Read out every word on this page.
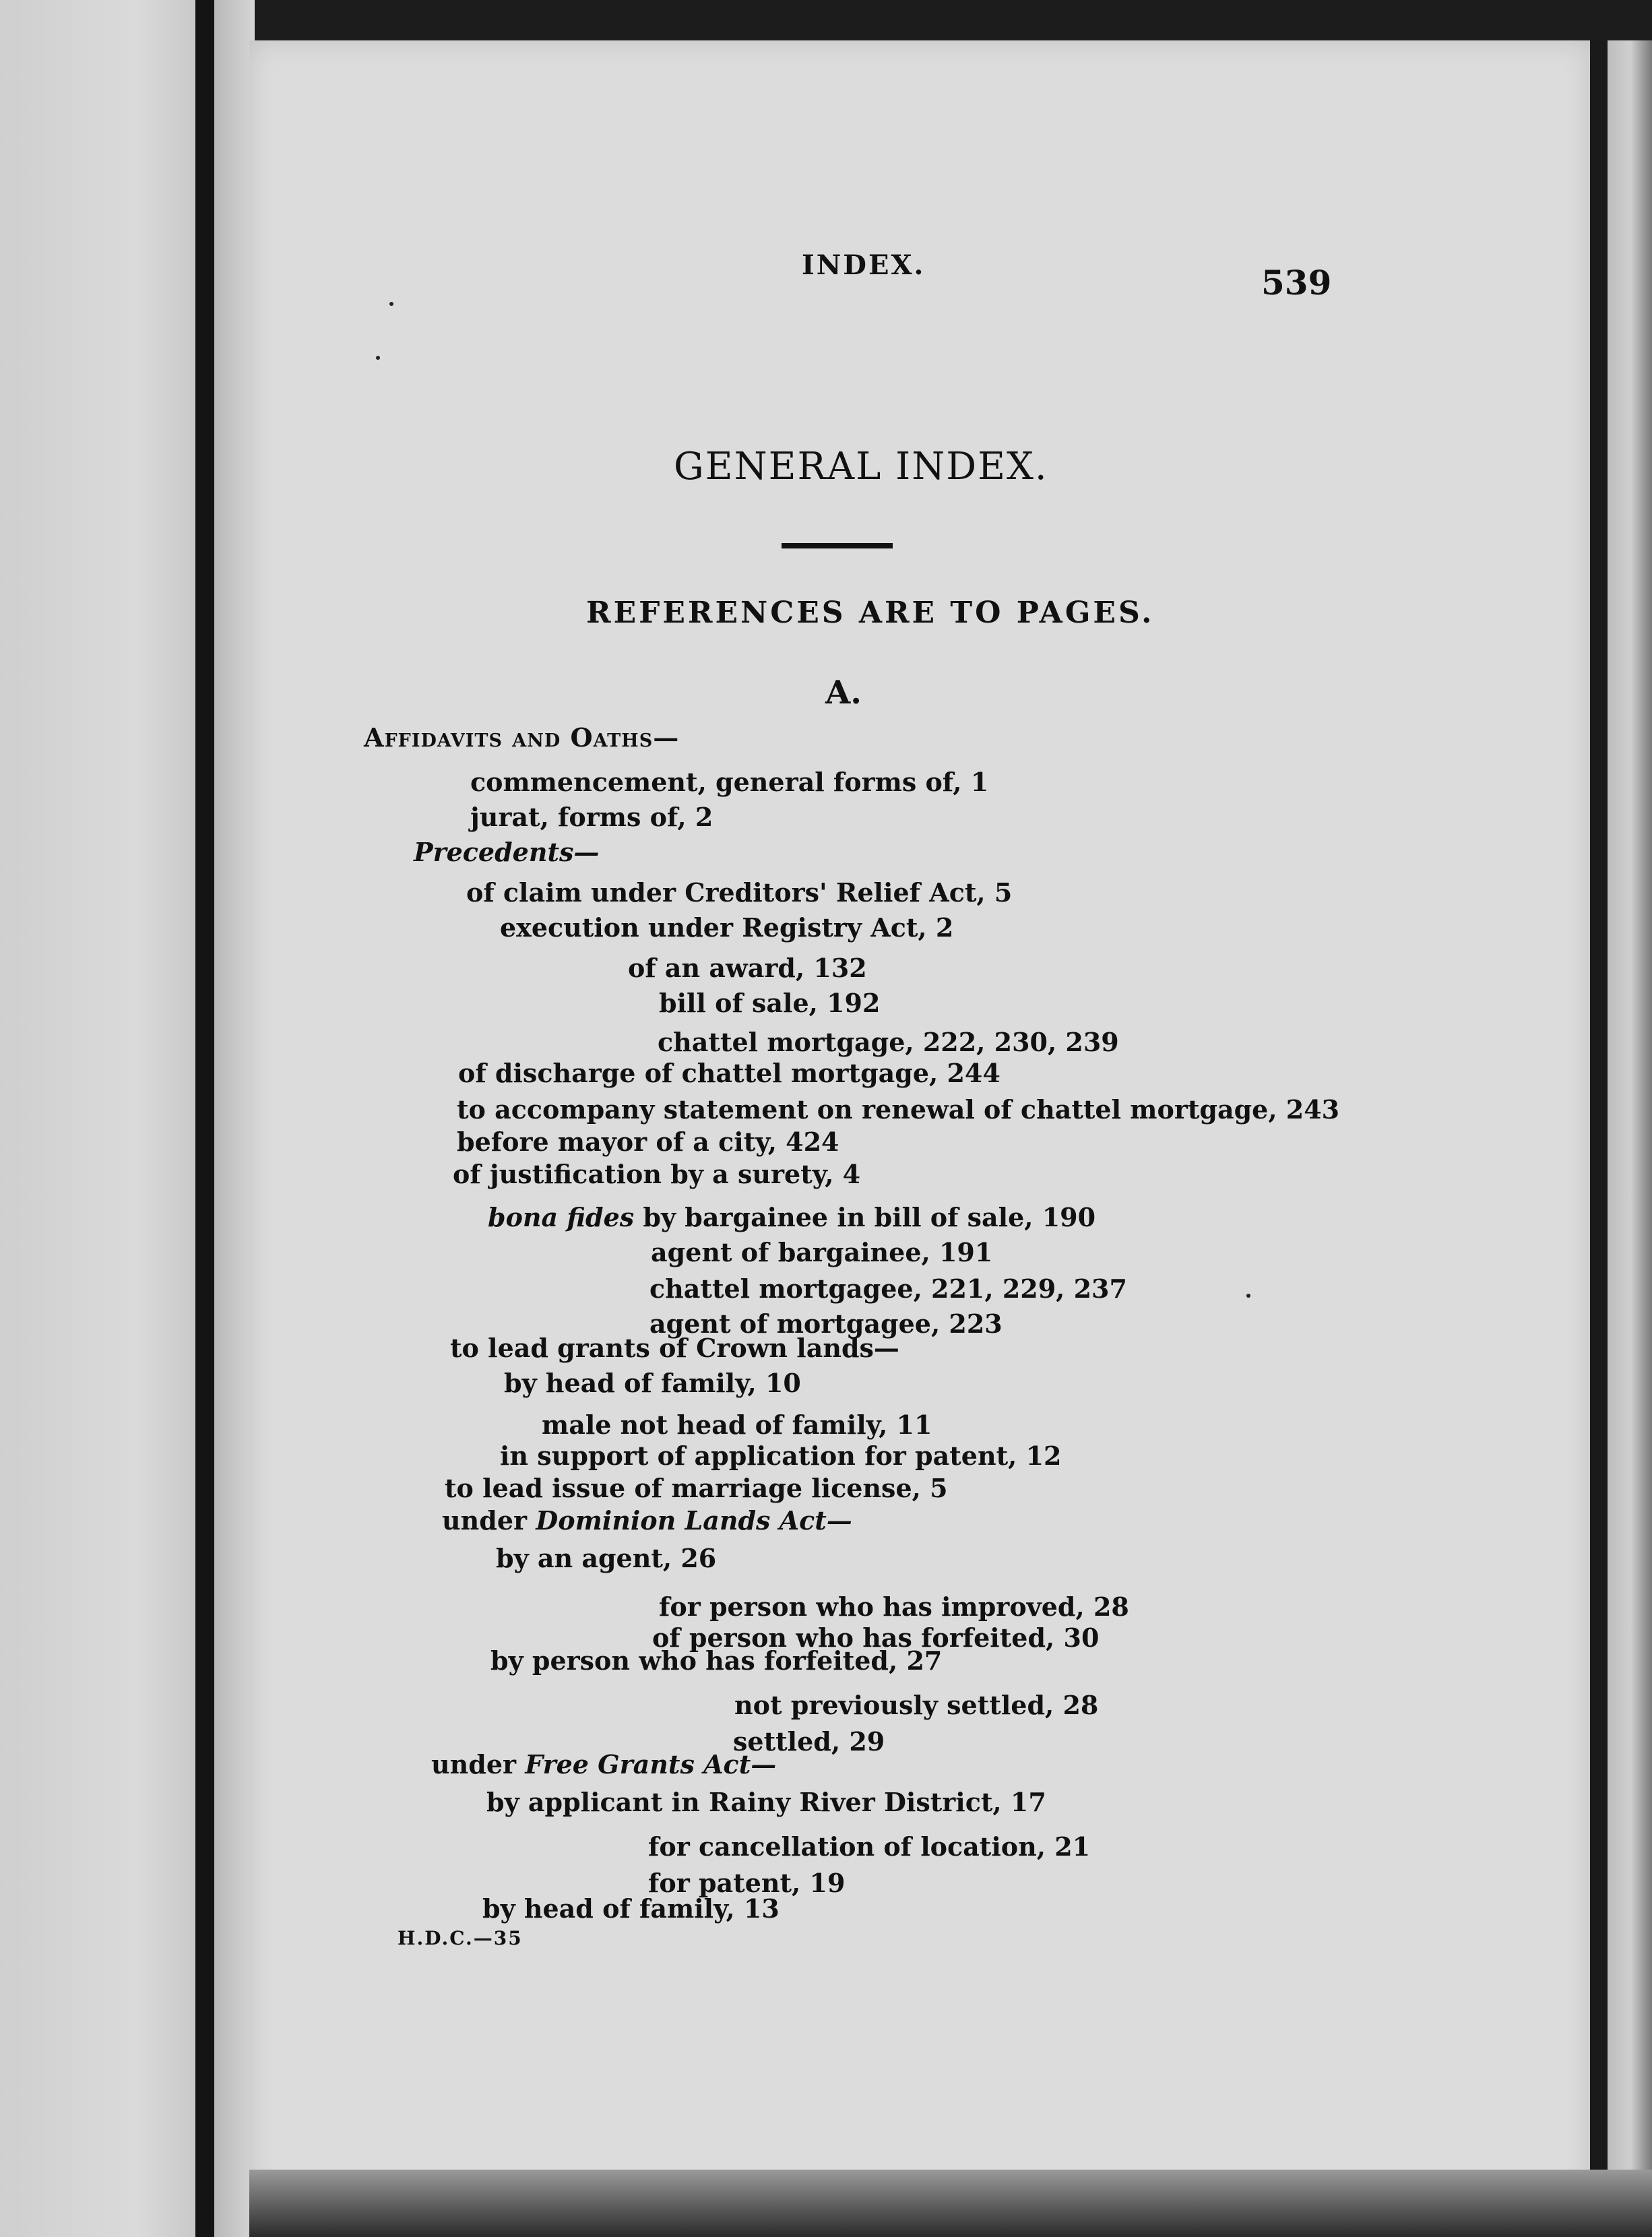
INDEX.	539
GENERAL INDEX.
REFERENCES ARE TO PAGES.
A.
Affidavits and Oaths—
commencement, general forms of, 1
jurat, forms of, 2
Precedents—
of claim under Creditors' Relief Act, 5
execution under Registry Act, 2
of an award, 132
bill of sale, 192
chattel mortgage, 222, 230, 239
of discharge of chattel mortgage, 244
to accompany statement on renewal of chattel mortgage, 243
before mayor of a city, 424
of justification by a surety, 4
bona fides by bargainee in bill of sale, 190
agent of bargainee, 191
chattel mortgagee, 221, 229, 237
agent of mortgagee, 223
to lead grants of Crown lands—
by head of family, 10
male not head of family, 11
in support of application for patent, 12
to lead issue of marriage license, 5
under Dominion Lands Act—
by an agent, 26
for person who has improved, 28
of person who has forfeited, 30
by person who has forfeited, 27
not previously settled, 28
settled, 29
under Free Grants Act—
by applicant in Rainy River District, 17
for cancellation of location, 21
for patent, 19
by head of family, 13
H.D.C.—35
